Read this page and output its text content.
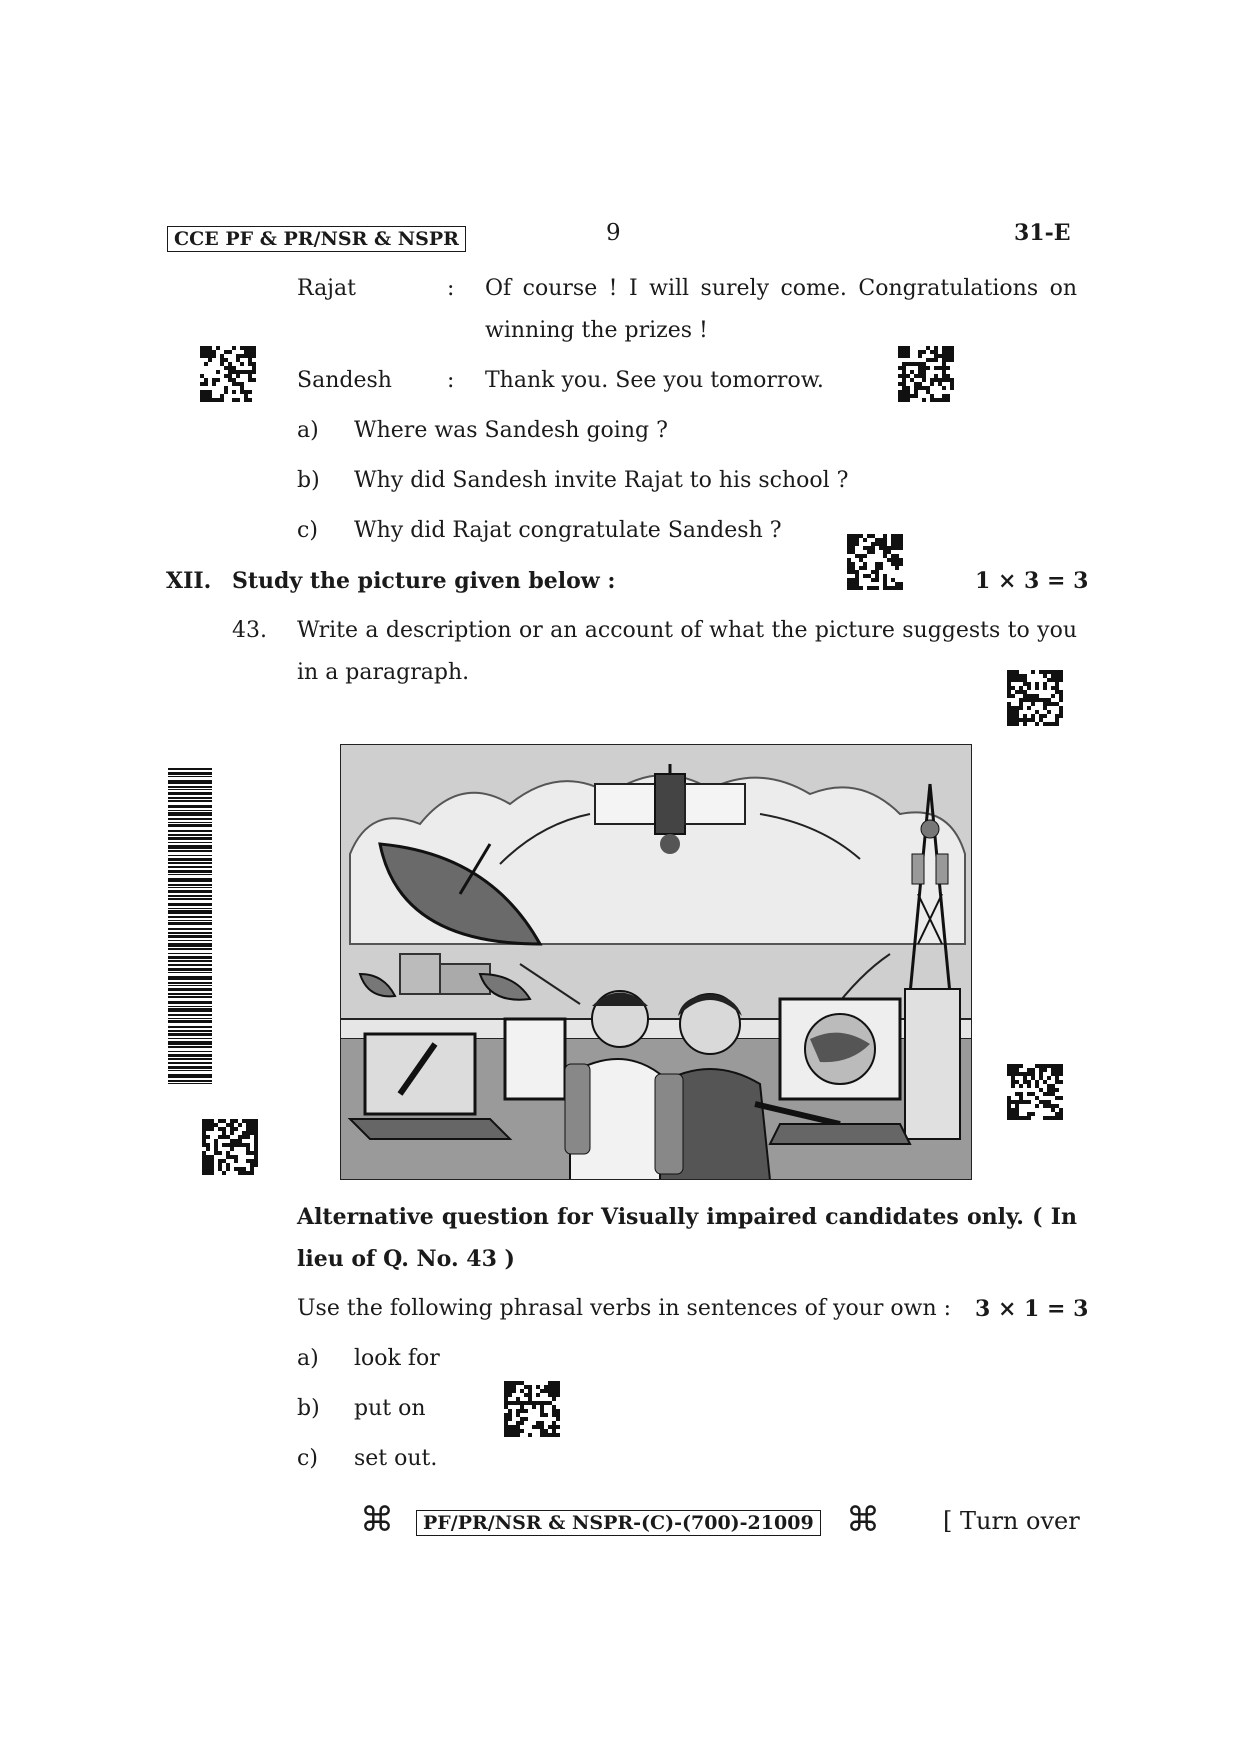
CCE PF & PR/NSR & NSPR	9	31-E
Rajat	: Of course ! I will surely come. Congratulations on
winning the prizes !
Sandesh	: Thank you. See you tomorrow.
a) Where was Sandesh going ?
b) Why did Sandesh invite Rajat to his school ?
c) Why did Rajat congratulate Sandesh ?
XII. Study the picture given below :	1 × 3 = 3
43. Write a description or an account of what the picture suggests to you
in a paragraph.
Alternative question for Visually impaired candidates only. ( In
lieu of Q. No. 43 )
Use the following phrasal verbs in sentences of your own : 3 × 1 = 3
a) look for
b) put on
c) set out.
⌘	PF/PR/NSR & NSPR-(C)-(700)-21009 ⌘	[ Turn over
